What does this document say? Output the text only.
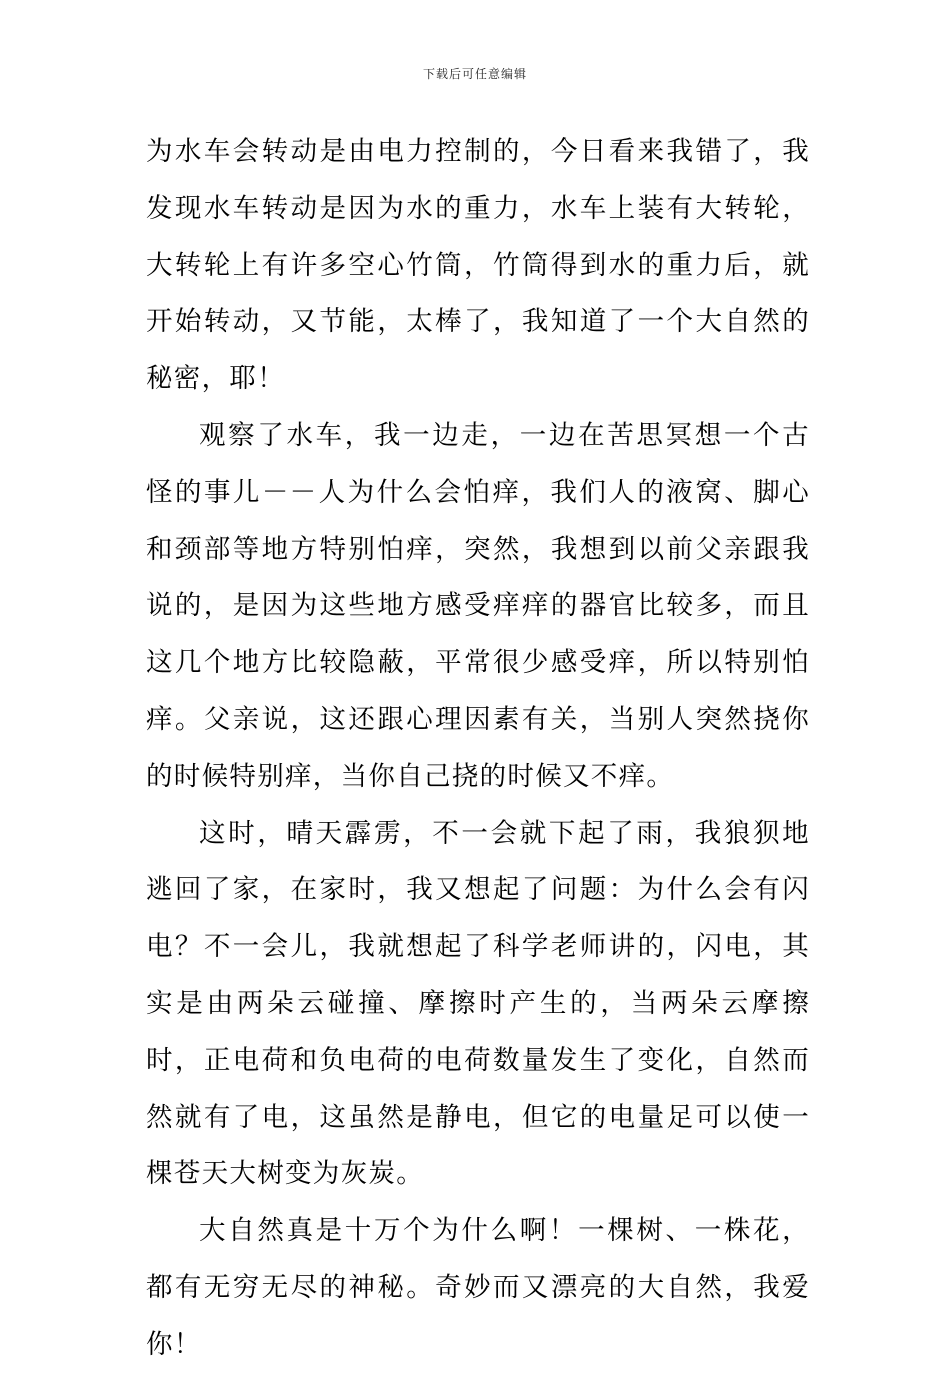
下载后可任意编辑

为水车会转动是由电力控制的，今日看来我错了，我发现水车转动是因为水的重力，水车上装有大转轮，大转轮上有许多空心竹筒，竹筒得到水的重力后，就开始转动，又节能，太棒了，我知道了一个大自然的秘密，耶！

观察了水车，我一边走，一边在苦思冥想一个古怪的事儿－－人为什么会怕痒，我们人的液窝、脚心和颈部等地方特别怕痒，突然，我想到以前父亲跟我说的，是因为这些地方感受痒痒的器官比较多，而且这几个地方比较隐蔽，平常很少感受痒，所以特别怕痒。父亲说，这还跟心理因素有关，当别人突然挠你的时候特别痒，当你自己挠的时候又不痒。

这时，晴天霹雳，不一会就下起了雨，我狼狈地逃回了家，在家时，我又想起了问题：为什么会有闪电？不一会儿，我就想起了科学老师讲的，闪电，其实是由两朵云碰撞、摩擦时产生的，当两朵云摩擦时，正电荷和负电荷的电荷数量发生了变化，自然而然就有了电，这虽然是静电，但它的电量足可以使一棵苍天大树变为灰炭。

大自然真是十万个为什么啊！一棵树、一株花，都有无穷无尽的神秘。奇妙而又漂亮的大自然，我爱你！
